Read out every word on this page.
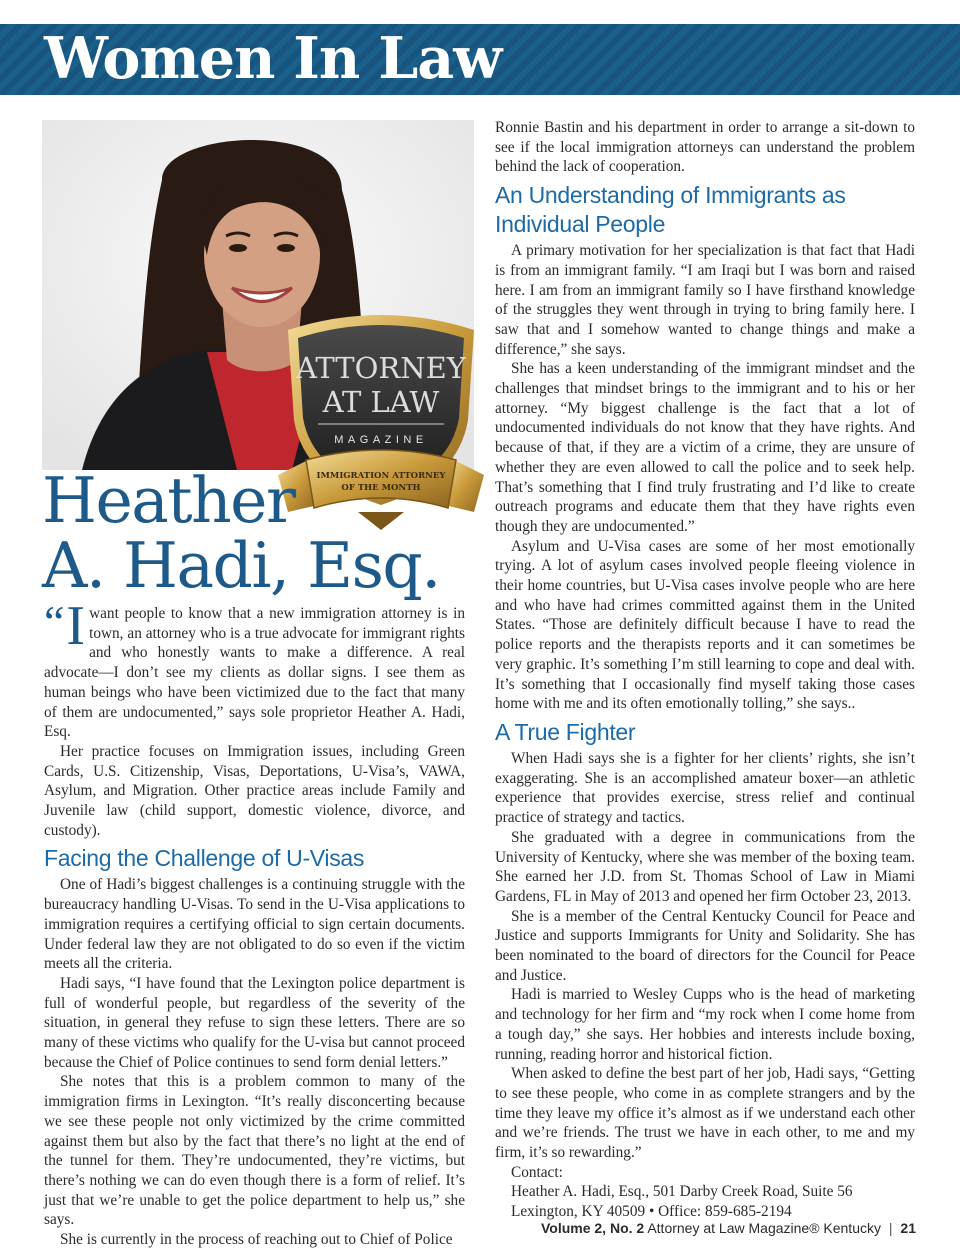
Women In Law
ATTORNEY
AT LAW
MAGAZINE
IMMIGRATION ATTORNEY
OF THE MONTH
Heather
A. Hadi, Esq.

“ I want people to know that a new immigration attorney is in town, an attorney who is a true advocate for immigrant rights and who honestly wants to make a difference. A real advocate—I don’t see my clients as dollar signs. I see them as human beings who have been victimized due to the fact that many of them are undocumented,” says sole proprietor Heather A. Hadi, Esq.

Her practice focuses on Immigration issues, including Green Cards, U.S. Citizenship, Visas, Deportations, U-Visa’s, VAWA, Asylum, and Migration. Other practice areas include Family and Juvenile law (child support, domestic violence, divorce, and custody).

Facing the Challenge of U-Visas

One of Hadi’s biggest challenges is a continuing struggle with the bureaucracy handling U-Visas. To send in the U-Visa applications to immigration requires a certifying official to sign certain documents. Under federal law they are not obligated to do so even if the victim meets all the criteria.

Hadi says, “I have found that the Lexington police department is full of wonderful people, but regardless of the severity of the situation, in general they refuse to sign these letters. There are so many of these victims who qualify for the U-visa but cannot proceed because the Chief of Police continues to send form denial letters.”

She notes that this is a problem common to many of the immigration firms in Lexington. “It’s really disconcerting because we see these people not only victimized by the crime committed against them but also by the fact that there’s no light at the end of the tunnel for them. They’re undocumented, they’re victims, but there’s nothing we can do even though there is a form of relief. It’s just that we’re unable to get the police department to help us,” she says.

She is currently in the process of reaching out to Chief of Police

Ronnie Bastin and his department in order to arrange a sit-down to see if the local immigration attorneys can understand the problem behind the lack of cooperation.

An Understanding of Immigrants as Individual People

A primary motivation for her specialization is that fact that Hadi is from an immigrant family. “I am Iraqi but I was born and raised here. I am from an immigrant family so I have firsthand knowledge of the struggles they went through in trying to bring family here. I saw that and I somehow wanted to change things and make a difference,” she says.

She has a keen understanding of the immigrant mindset and the challenges that mindset brings to the immigrant and to his or her attorney. “My biggest challenge is the fact that a lot of undocumented individuals do not know that they have rights. And because of that, if they are a victim of a crime, they are unsure of whether they are even allowed to call the police and to seek help. That’s something that I find truly frustrating and I’d like to create outreach programs and educate them that they have rights even though they are undocumented.”

Asylum and U-Visa cases are some of her most emotionally trying. A lot of asylum cases involved people fleeing violence in their home countries, but U-Visa cases involve people who are here and who have had crimes committed against them in the United States. “Those are definitely difficult because I have to read the police reports and the therapists reports and it can sometimes be very graphic. It’s something I’m still learning to cope and deal with. It’s something that I occasionally find myself taking those cases home with me and its often emotionally tolling,” she says..

A True Fighter

When Hadi says she is a fighter for her clients’ rights, she isn’t exaggerating. She is an accomplished amateur boxer—an athletic experience that provides exercise, stress relief and continual practice of strategy and tactics.

She graduated with a degree in communications from the University of Kentucky, where she was member of the boxing team. She earned her J.D. from St. Thomas School of Law in Miami Gardens, FL in May of 2013 and opened her firm October 23, 2013.

She is a member of the Central Kentucky Council for Peace and Justice and supports Immigrants for Unity and Solidarity. She has been nominated to the board of directors for the Council for Peace and Justice.

Hadi is married to Wesley Cupps who is the head of marketing and technology for her firm and “my rock when I come home from a tough day,” she says. Her hobbies and interests include boxing, running, reading horror and historical fiction.

When asked to define the best part of her job, Hadi says, “Getting to see these people, who come in as complete strangers and by the time they leave my office it’s almost as if we understand each other and we’re friends. The trust we have in each other, to me and my firm, it’s so rewarding.”

Contact:

Heather A. Hadi, Esq., 501 Darby Creek Road, Suite 56

Lexington, KY 40509 • Office: 859-685-2194

Volume 2, No. 2 Attorney at Law Magazine® Kentucky | 21
